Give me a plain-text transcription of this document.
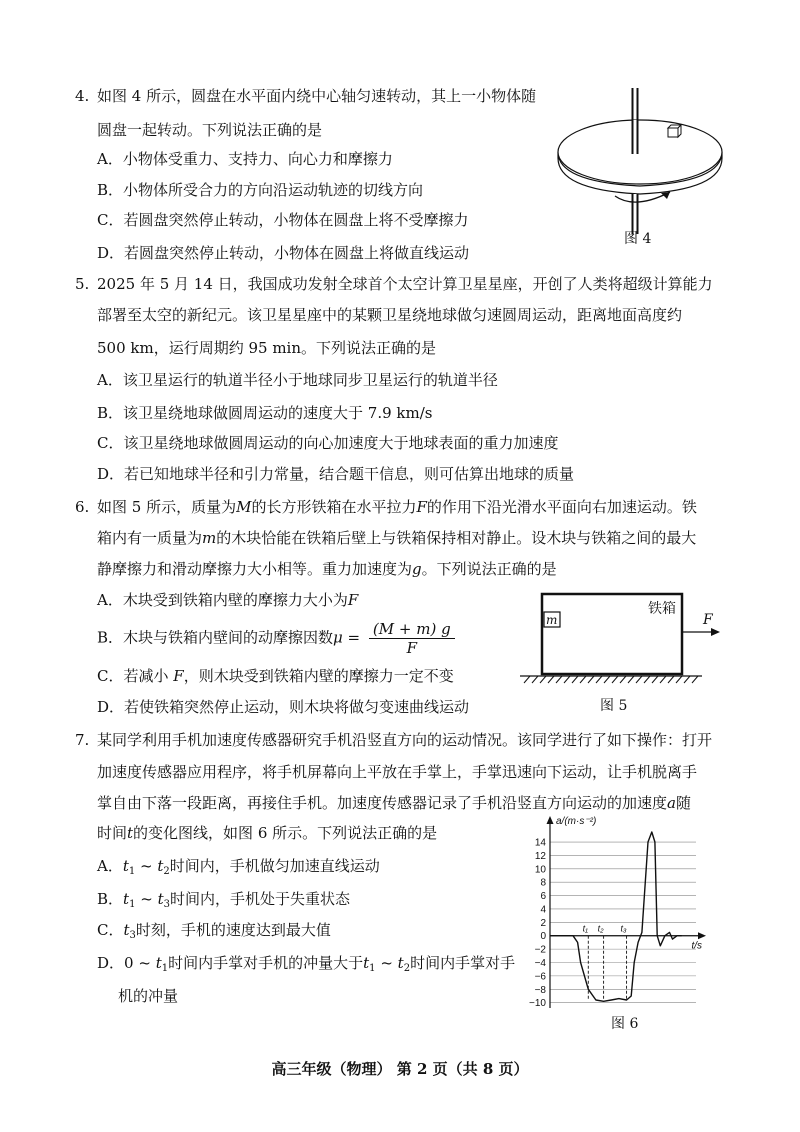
4. 如图 4 所示，圆盘在水平面内绕中心轴匀速转动，其上一小物体随
圆盘一起转动。下列说法正确的是
A．小物体受重力、支持力、向心力和摩擦力
B．小物体所受合力的方向沿运动轨迹的切线方向
C．若圆盘突然停止转动，小物体在圆盘上将不受摩擦力
D．若圆盘突然停止转动，小物体在圆盘上将做直线运动
图 4
5. 2025 年 5 月 14 日，我国成功发射全球首个太空计算卫星星座，开创了人类将超级计算能力
部署至太空的新纪元。该卫星星座中的某颗卫星绕地球做匀速圆周运动，距离地面高度约
500 km，运行周期约 95 min。下列说法正确的是
A．该卫星运行的轨道半径小于地球同步卫星运行的轨道半径
B．该卫星绕地球做圆周运动的速度大于 7.9 km/s
C．该卫星绕地球做圆周运动的向心加速度大于地球表面的重力加速度
D．若已知地球半径和引力常量，结合题干信息，则可估算出地球的质量
6. 如图 5 所示，质量为M的长方形铁箱在水平拉力F的作用下沿光滑水平面向右加速运动。铁
箱内有一质量为m的木块恰能在铁箱后壁上与铁箱保持相对静止。设木块与铁箱之间的最大
静摩擦力和滑动摩擦力大小相等。重力加速度为g。下列说法正确的是
A．木块受到铁箱内壁的摩擦力大小为F
B．木块与铁箱内壁间的动摩擦因数$\mu = \frac{(M + m) g}{F}$
C．若减小 F，则木块受到铁箱内壁的摩擦力一定不变
D．若使铁箱突然停止运动，则木块将做匀变速曲线运动
铁箱
m	F
图 5
7. 某同学利用手机加速度传感器研究手机沿竖直方向的运动情况。该同学进行了如下操作：打开
加速度传感器应用程序，将手机屏幕向上平放在手掌上，手掌迅速向下运动，让手机脱离手
掌自由下落一段距离，再接住手机。加速度传感器记录了手机沿竖直方向运动的加速度a随
时间t的变化图线，如图 6 所示。下列说法正确的是
A．$t_1$ ~ $t_2$时间内，手机做匀加速直线运动
B．$t_1$ ~ $t_3$时间内，手机处于失重状态
C．$t_3$时刻，手机的速度达到最大值
D．0 ~ $t_1$时间内手掌对手机的冲量大于$t_1$ ~ $t_2$时间内手掌对手
机的冲量
14
12
10
8
6
4
2
0
−2
−4
−6
−8
−10
a/(m·s⁻²)
t/s
t₁ t₂ t₃
图 6
高三年级（物理） 第 2 页（共 8 页）
